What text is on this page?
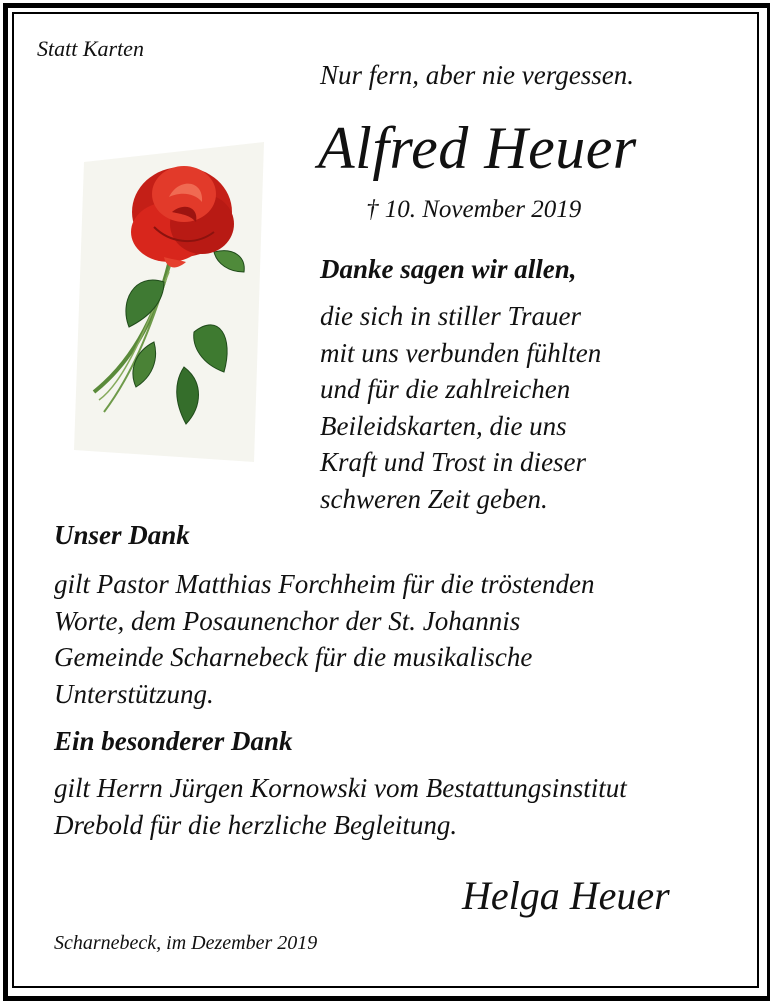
Statt Karten
Nur fern, aber nie vergessen.
Alfred Heuer
† 10. November 2019
Danke sagen wir allen,
die sich in stiller Trauer
mit uns verbunden fühlten
und für die zahlreichen
Beileidskarten, die uns
Kraft und Trost in dieser
schweren Zeit geben.
Unser Dank
gilt Pastor Matthias Forchheim für die tröstenden
Worte, dem Posaunenchor der St. Johannis
Gemeinde Scharnebeck für die musikalische
Unterstützung.
Ein besonderer Dank
gilt Herrn Jürgen Kornowski vom Bestattungsinstitut
Drebold für die herzliche Begleitung.
Helga Heuer
Scharnebeck, im Dezember 2019
